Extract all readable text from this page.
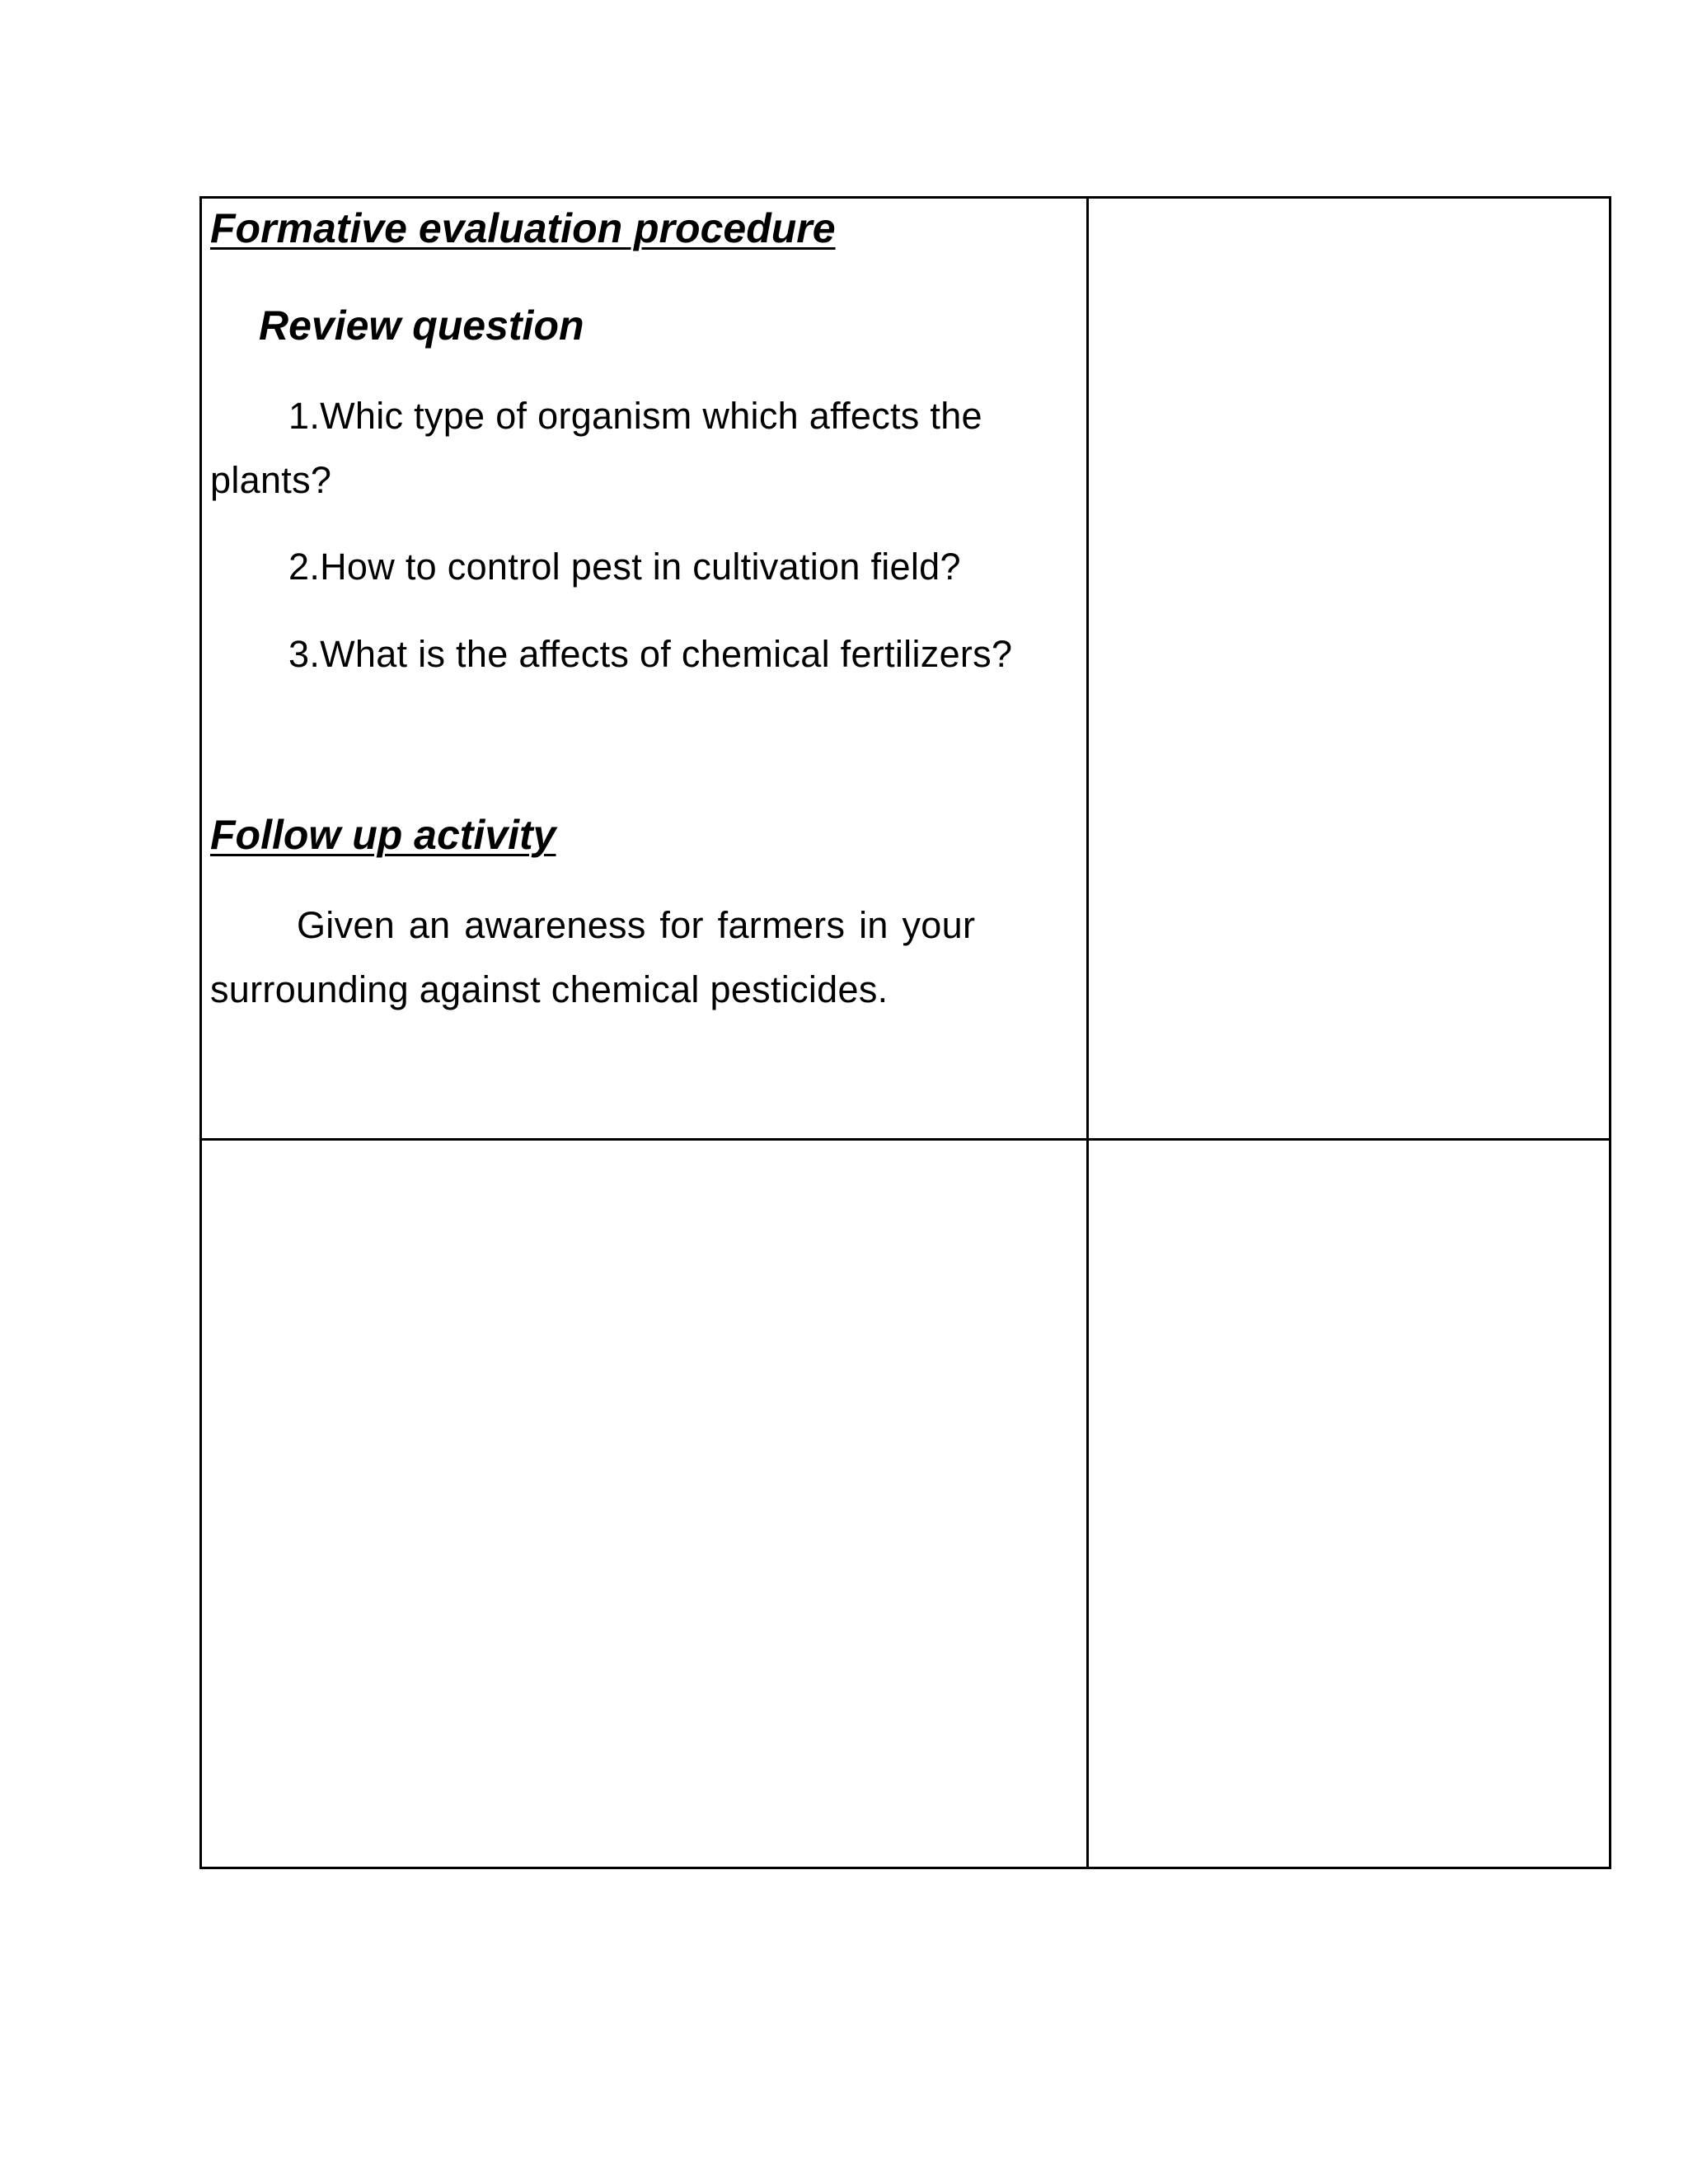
Formative evaluation procedure
Review question
1.Whic type of organism which affects the
plants?
2.How to control pest in cultivation field?
3.What is the affects of chemical fertilizers?
Follow up activity
Given an awareness for farmers in your
surrounding against chemical pesticides.
